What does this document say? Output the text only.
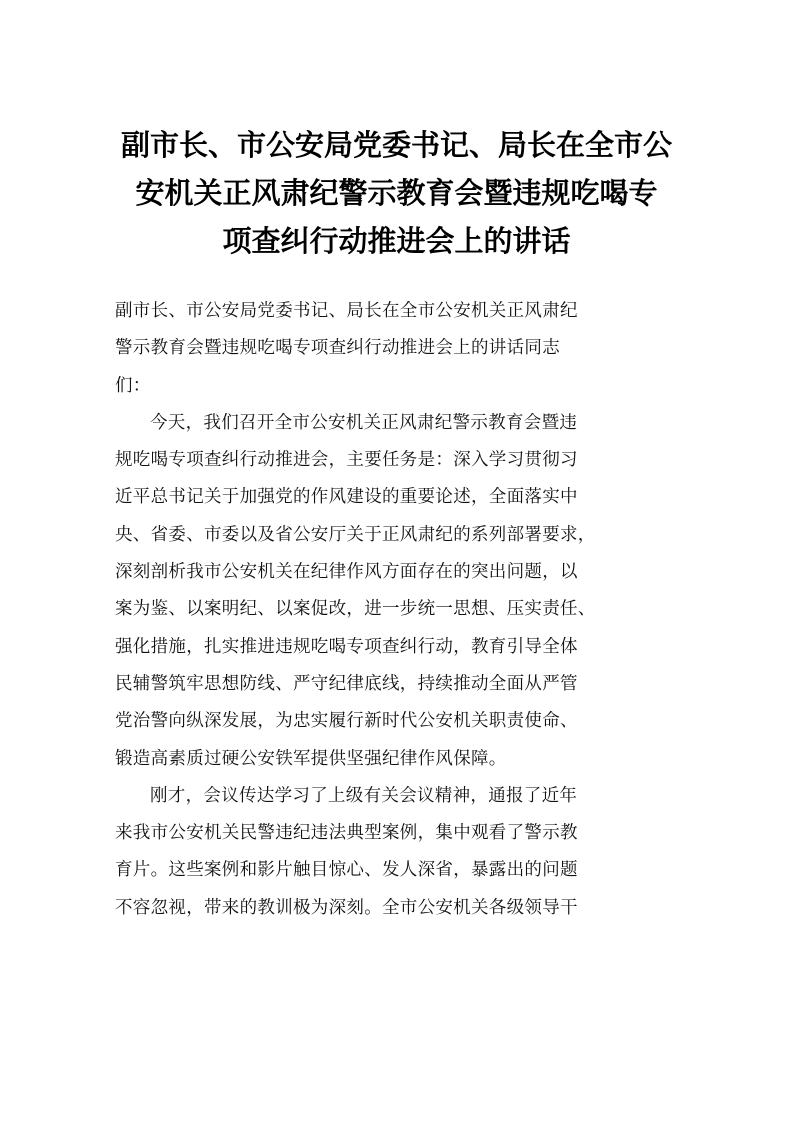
副市长、市公安局党委书记、局长在全市公
安机关正风肃纪警示教育会暨违规吃喝专
项查纠行动推进会上的讲话

副市长、市公安局党委书记、局长在全市公安机关正风肃纪
警示教育会暨违规吃喝专项查纠行动推进会上的讲话同志
们：

今天，我们召开全市公安机关正风肃纪警示教育会暨违
规吃喝专项查纠行动推进会，主要任务是：深入学习贯彻习
近平总书记关于加强党的作风建设的重要论述，全面落实中
央、省委、市委以及省公安厅关于正风肃纪的系列部署要求，
深刻剖析我市公安机关在纪律作风方面存在的突出问题，以
案为鉴、以案明纪、以案促改，进一步统一思想、压实责任、
强化措施，扎实推进违规吃喝专项查纠行动，教育引导全体
民辅警筑牢思想防线、严守纪律底线，持续推动全面从严管
党治警向纵深发展，为忠实履行新时代公安机关职责使命、
锻造高素质过硬公安铁军提供坚强纪律作风保障。

刚才，会议传达学习了上级有关会议精神，通报了近年
来我市公安机关民警违纪违法典型案例，集中观看了警示教
育片。这些案例和影片触目惊心、发人深省，暴露出的问题
不容忽视，带来的教训极为深刻。全市公安机关各级领导干
